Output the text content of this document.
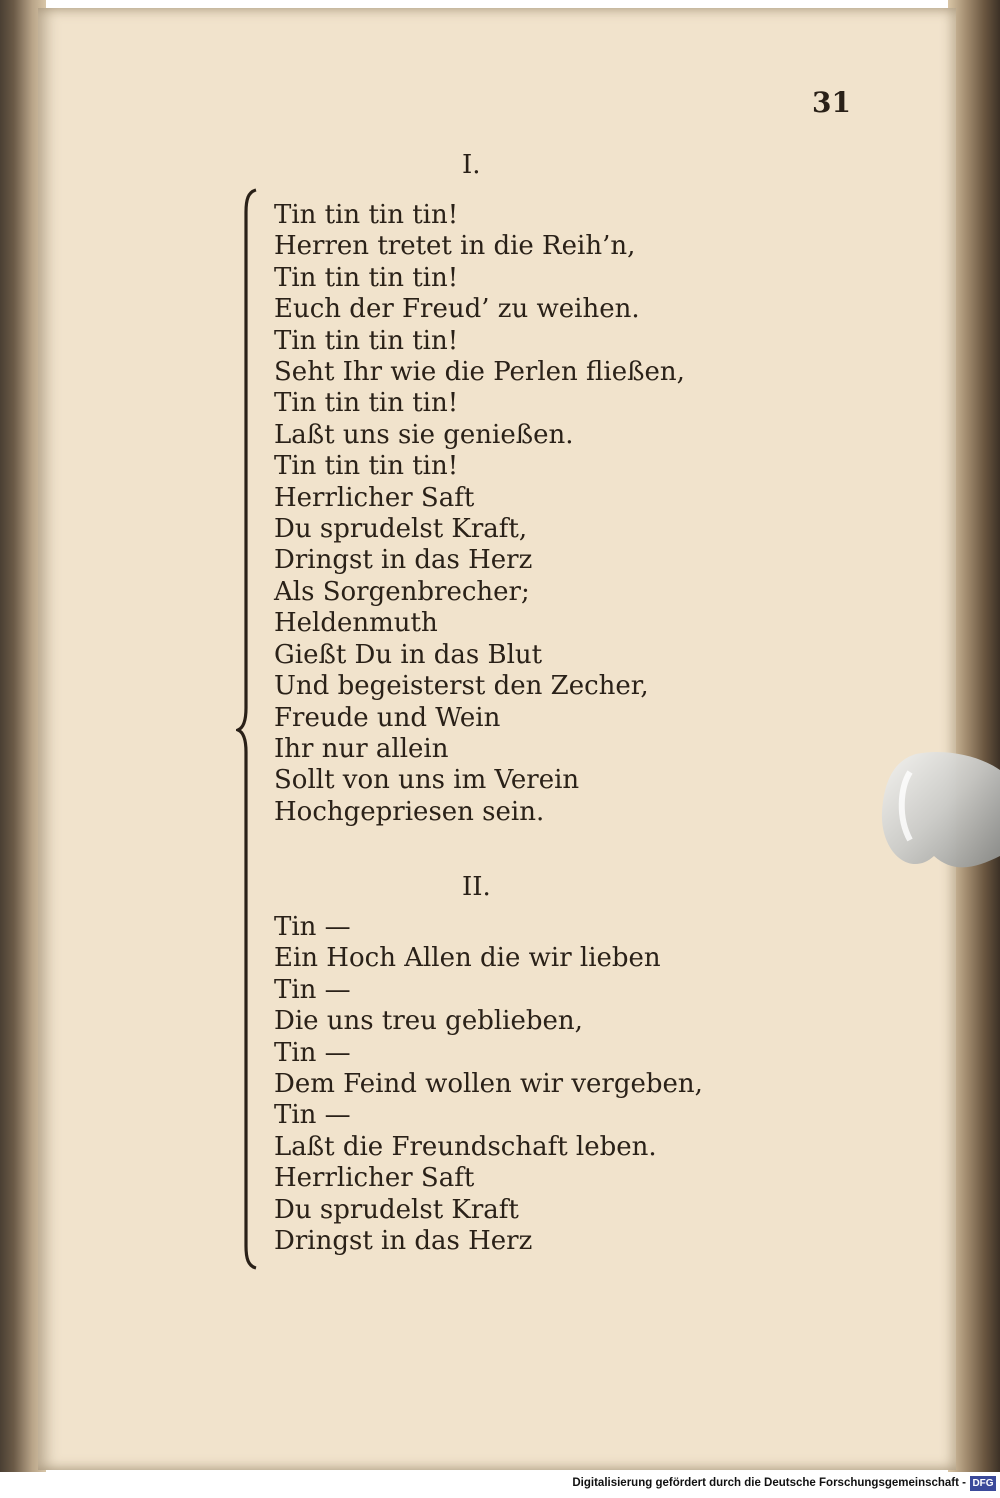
31
I.
Tin tin tin tin!
Herren tretet in die Reih’n,
Tin tin tin tin!
Euch der Freud’ zu weihen.
Tin tin tin tin!
Seht Ihr wie die Perlen fließen,
Tin tin tin tin!
Laßt uns sie genießen.
Tin tin tin tin!
Herrlicher Saft
Du sprudelst Kraft,
Dringst in das Herz
Als Sorgenbrecher;
Heldenmuth
Gießt Du in das Blut
Und begeisterst den Zecher,
Freude und Wein
Ihr nur allein
Sollt von uns im Verein
Hochgepriesen sein.
II.
Tin —
Ein Hoch Allen die wir lieben
Tin —
Die uns treu geblieben,
Tin —
Dem Feind wollen wir vergeben,
Tin —
Laßt die Freundschaft leben.
Herrlicher Saft
Du sprudelst Kraft
Dringst in das Herz
Digitalisierung gefördert durch die Deutsche Forschungsgemeinschaft - DFG
